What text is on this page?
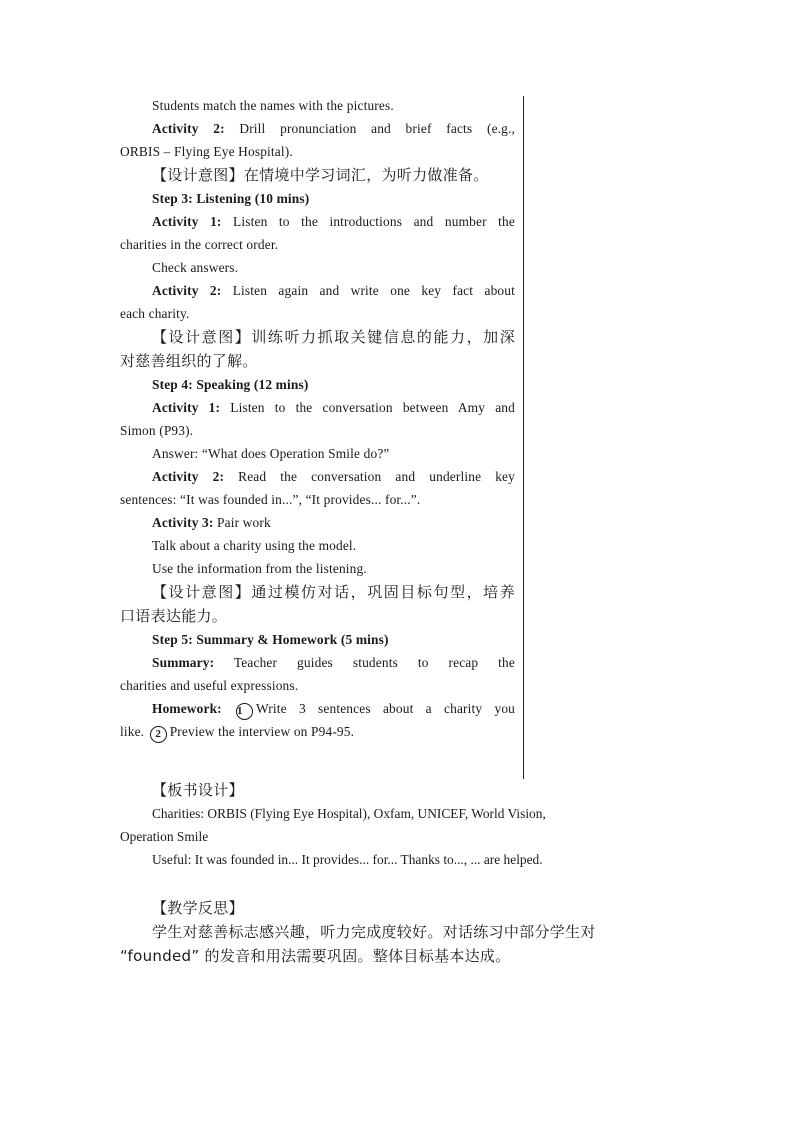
Students match the names with the pictures.

Activity 2: Drill pronunciation and brief facts (e.g.,

ORBIS – Flying Eye Hospital).

【设计意图】在情境中学习词汇，为听力做准备。

Step 3: Listening (10 mins)

Activity 1: Listen to the introductions and number the

charities in the correct order.

Check answers.

Activity 2: Listen again and write one key fact about

each charity.

【设计意图】训练听力抓取关键信息的能力，加深

对慈善组织的了解。

Step 4: Speaking (12 mins)

Activity 1: Listen to the conversation between Amy and

Simon (P93).

Answer: “What does Operation Smile do?”

Activity 2: Read the conversation and underline key

sentences: “It was founded in...”, “It provides... for...”.

Activity 3: Pair work

Talk about a charity using the model.

Use the information from the listening.

【设计意图】通过模仿对话，巩固目标句型，培养

口语表达能力。

Step 5: Summary & Homework (5 mins)

Summary: Teacher guides students to recap the

charities and useful expressions.

Homework: 1 Write 3 sentences about a charity you

like. 2 Preview the interview on P94-95.

【板书设计】

Charities: ORBIS (Flying Eye Hospital), Oxfam, UNICEF, World Vision,

Operation Smile

Useful: It was founded in... It provides... for... Thanks to..., ... are helped.

【教学反思】

学生对慈善标志感兴趣，听力完成度较好。对话练习中部分学生对

“founded” 的发音和用法需要巩固。整体目标基本达成。
